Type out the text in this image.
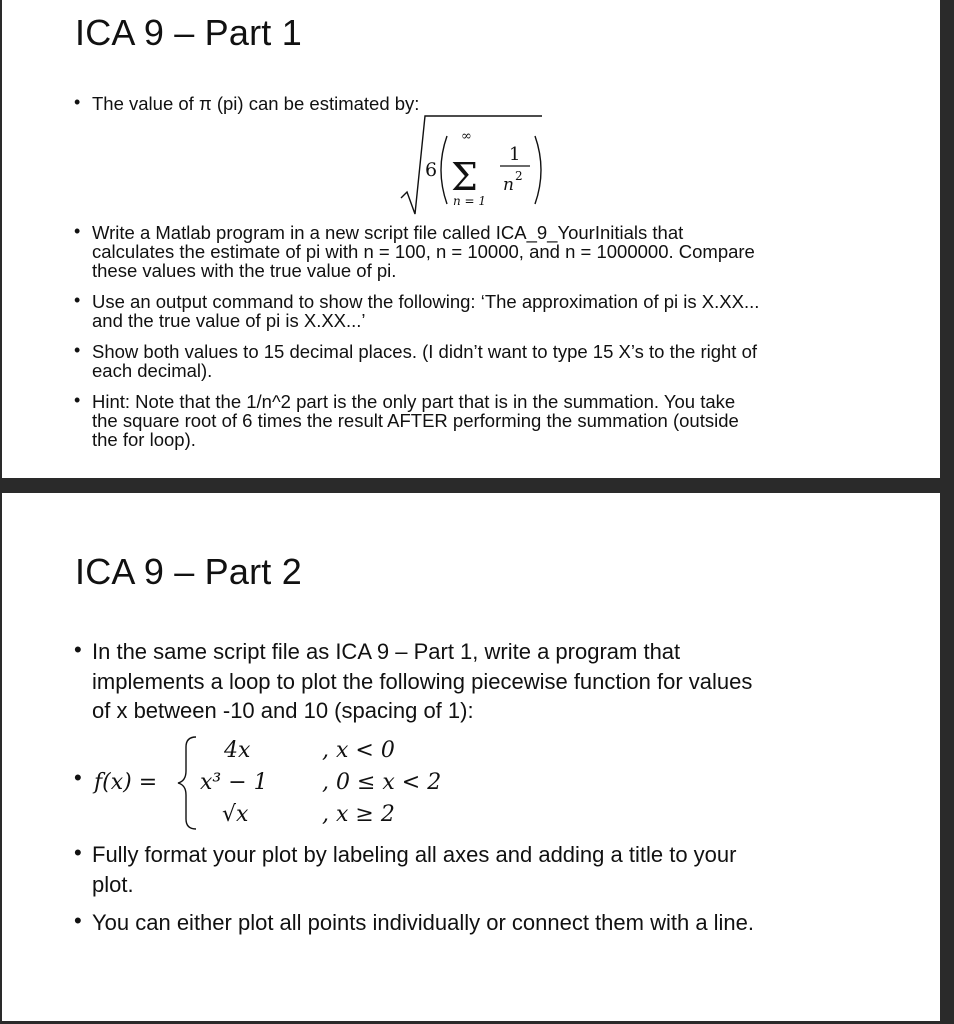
ICA 9 – Part 1
• The value of π (pi) can be estimated by:
6
∞
Σ
n = 1
1
n 2
• Write a Matlab program in a new script file called ICA_9_YourInitials that
calculates the estimate of pi with n = 100, n = 10000, and n = 1000000. Compare
these values with the true value of pi.
• Use an output command to show the following: ‘The approximation of pi is X.XX...
and the true value of pi is X.XX...’
• Show both values to 15 decimal places. (I didn’t want to type 15 X’s to the right of
each decimal).
• Hint: Note that the 1/n^2 part is the only part that is in the summation. You take
the square root of 6 times the result AFTER performing the summation (outside
the for loop).
ICA 9 – Part 2
• In the same script file as ICA 9 – Part 1, write a program that
implements a loop to plot the following piecewise function for values
of x between -10 and 10 (spacing of 1):
• f(x) =
4x	, x < 0
x³ − 1 , 0 ≤ x < 2
√x	, x ≥ 2
• Fully format your plot by labeling all axes and adding a title to your
plot.
• You can either plot all points individually or connect them with a line.
